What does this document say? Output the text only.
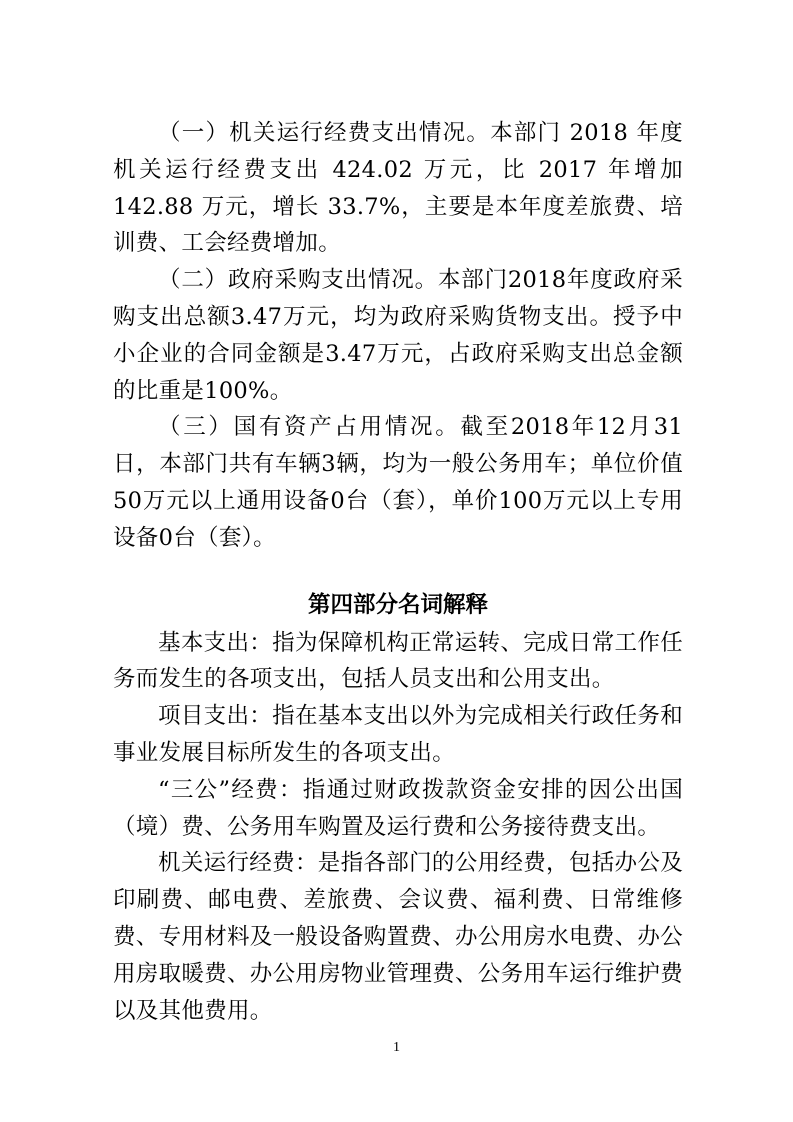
（一）机关运行经费支出情况。本部门 2018 年度机关运行经费支出 424.02 万元，比 2017 年增加 142.88 万元，增长 33.7%，主要是本年度差旅费、培训费、工会经费增加。

（二）政府采购支出情况。本部门2018年度政府采购支出总额3.47万元，均为政府采购货物支出。授予中小企业的合同金额是3.47万元，占政府采购支出总金额的比重是100%。

（三）国有资产占用情况。截至2018年12月31日，本部门共有车辆3辆，均为一般公务用车；单位价值50万元以上通用设备0台（套），单价100万元以上专用设备0台（套）。

第四部分名词解释

基本支出：指为保障机构正常运转、完成日常工作任务而发生的各项支出，包括人员支出和公用支出。

项目支出：指在基本支出以外为完成相关行政任务和事业发展目标所发生的各项支出。

“三公”经费：指通过财政拨款资金安排的因公出国（境）费、公务用车购置及运行费和公务接待费支出。

机关运行经费：是指各部门的公用经费，包括办公及印刷费、邮电费、差旅费、会议费、福利费、日常维修费、专用材料及一般设备购置费、办公用房水电费、办公用房取暖费、办公用房物业管理费、公务用车运行维护费以及其他费用。

1
